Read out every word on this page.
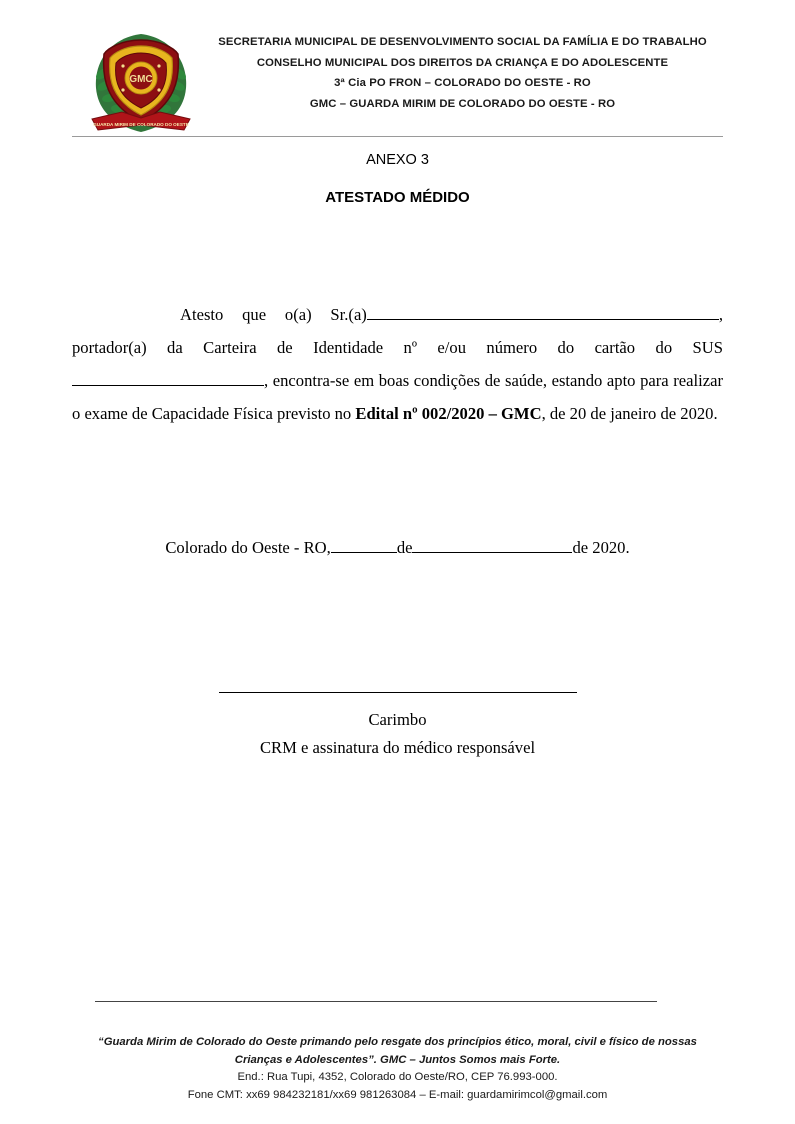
GMC
GUARDA MIRIM DE COLORADO DO OESTE
SECRETARIA MUNICIPAL DE DESENVOLVIMENTO SOCIAL DA FAMÍLIA E DO TRABALHO
CONSELHO MUNICIPAL DOS DIREITOS DA CRIANÇA E DO ADOLESCENTE
3ª Cia PO FRON – COLORADO DO OESTE - RO
GMC – GUARDA MIRIM DE COLORADO DO OESTE - RO
ANEXO 3
ATESTADO MÉDIDO

Atesto que o(a) Sr.(a)	, portador(a) da Carteira de Identidade nº e/ou número do cartão do SUS, encontra-se em boas condições de saúde, estando apto para realizar o exame de Capacidade Física previsto no Edital nº 002/2020 – GMC, de 20 de janeiro de 2020.

Colorado do Oeste - RO,	de	de 2020.
Carimbo
CRM e assinatura do médico responsável
“Guarda Mirim de Colorado do Oeste primando pelo resgate dos princípios ético, moral, civil e físico de nossas
Crianças e Adolescentes”. GMC – Juntos Somos mais Forte.
End.: Rua Tupi, 4352, Colorado do Oeste/RO, CEP 76.993-000.
Fone CMT: xx69 984232181/xx69 981263084 – E-mail: guardamirimcol@gmail.com
